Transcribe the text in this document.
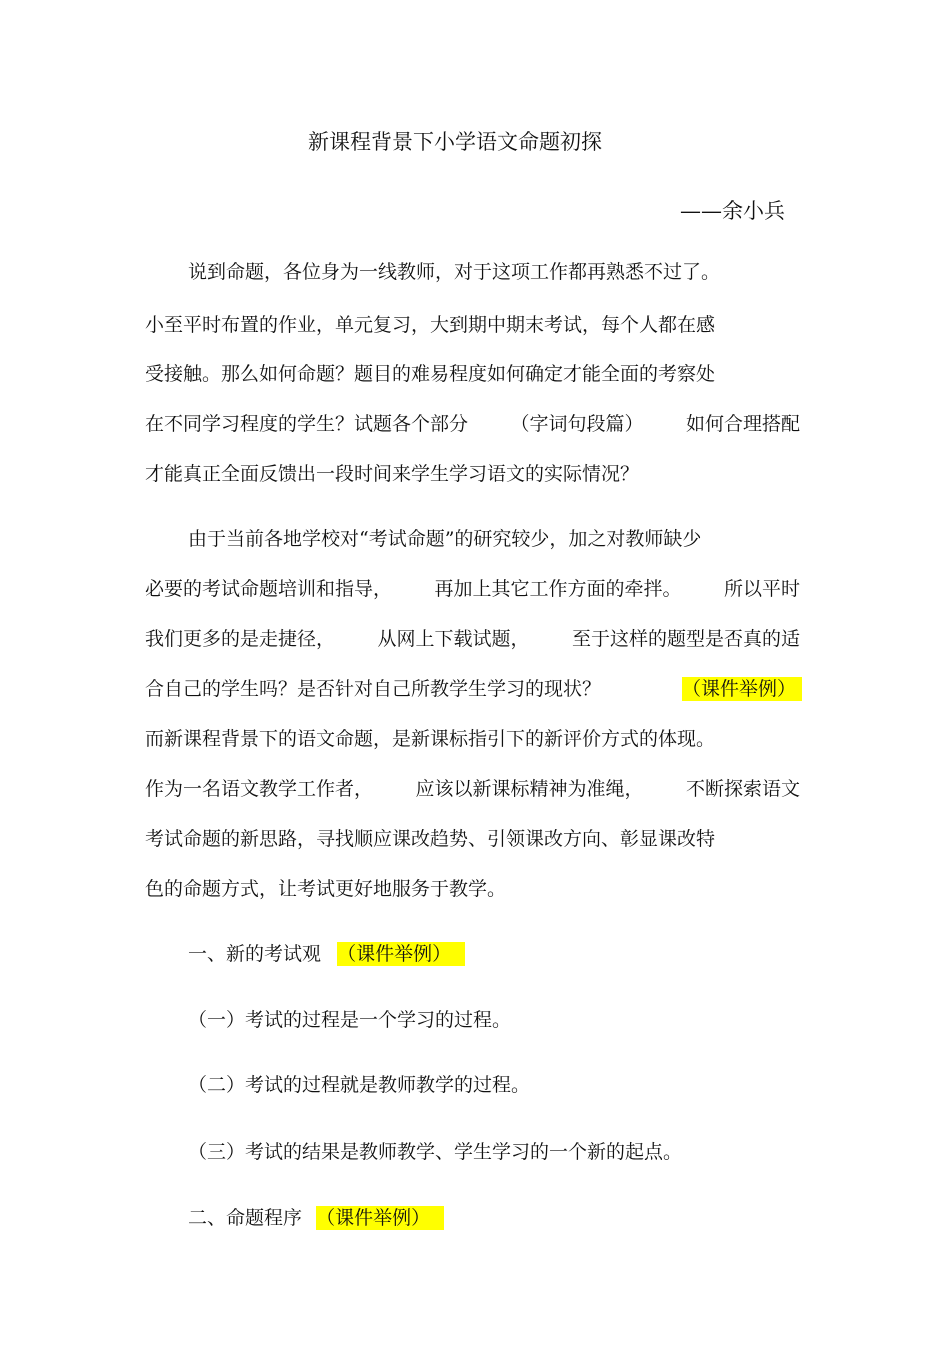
新课程背景下小学语文命题初探
——余小兵
说到命题，各位身为一线教师，对于这项工作都再熟悉不过了。
小至平时布置的作业，单元复习，大到期中期末考试，每个人都在感
受接触。那么如何命题？题目的难易程度如何确定才能全面的考察处
在不同学习程度的学生？试题各个部分 （字词句段篇） 如何合理搭配
才能真正全面反馈出一段时间来学生学习语文的实际情况？
由于当前各地学校对“考试命题”的研究较少，加之对教师缺少
必要的考试命题培训和指导， 再加上其它工作方面的牵拌。 所以平时
我们更多的是走捷径， 从网上下载试题， 至于这样的题型是否真的适
合自己的学生吗？是否针对自己所教学生学习的现状？	（课件举例）
而新课程背景下的语文命题，是新课标指引下的新评价方式的体现。
作为一名语文教学工作者， 应该以新课标精神为准绳， 不断探索语文
考试命题的新思路，寻找顺应课改趋势、引领课改方向、彰显课改特
色的命题方式，让考试更好地服务于教学。
一、新的考试观 （课件举例）
（一）考试的过程是一个学习的过程。
（二）考试的过程就是教师教学的过程。
（三）考试的结果是教师教学、学生学习的一个新的起点。
二、命题程序 （课件举例）
